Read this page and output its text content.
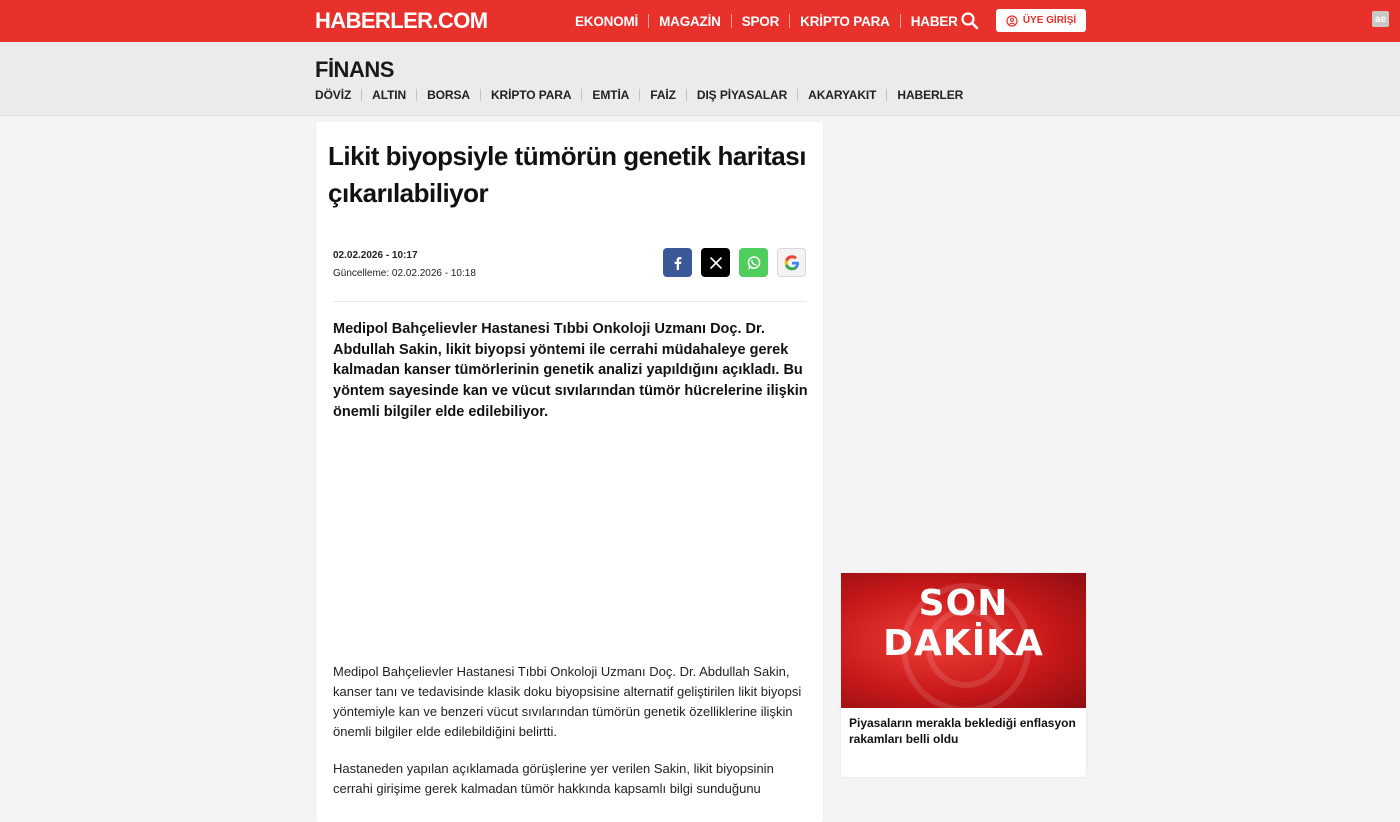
HABERLER.COM	EKONOMİ MAGAZİN SPOR KRİPTO PARA HABER	ÜYE GİRİŞİ	ae
FİNANS
DÖVİZ ALTIN BORSA KRİPTO PARA EMTİA FAİZ DIŞ PİYASALAR AKARYAKIT HABERLER
Likit biyopsiyle tümörün genetik haritası çıkarılabiliyor
02.02.2026 - 10:17
Güncelleme: 02.02.2026 - 10:18

Medipol Bahçelievler Hastanesi Tıbbi Onkoloji Uzmanı Doç. Dr. Abdullah Sakin, likit biyopsi yöntemi ile cerrahi müdahaleye gerek kalmadan kanser tümörlerinin genetik analizi yapıldığını açıkladı. Bu yöntem sayesinde kan ve vücut sıvılarından tümör hücrelerine ilişkin önemli bilgiler elde edilebiliyor.

Medipol Bahçelievler Hastanesi Tıbbi Onkoloji Uzmanı Doç. Dr. Abdullah Sakin, kanser tanı ve tedavisinde klasik doku biyopsisine alternatif geliştirilen likit biyopsi yöntemiyle kan ve benzeri vücut sıvılarından tümörün genetik özelliklerine ilişkin önemli bilgiler elde edilebildiğini belirtti.

Hastaneden yapılan açıklamada görüşlerine yer verilen Sakin, likit biyopsinin cerrahi girişime gerek kalmadan tümör hakkında kapsamlı bilgi sunduğunu

SON
DAKİKA
Piyasaların merakla beklediği enflasyon rakamları belli oldu
